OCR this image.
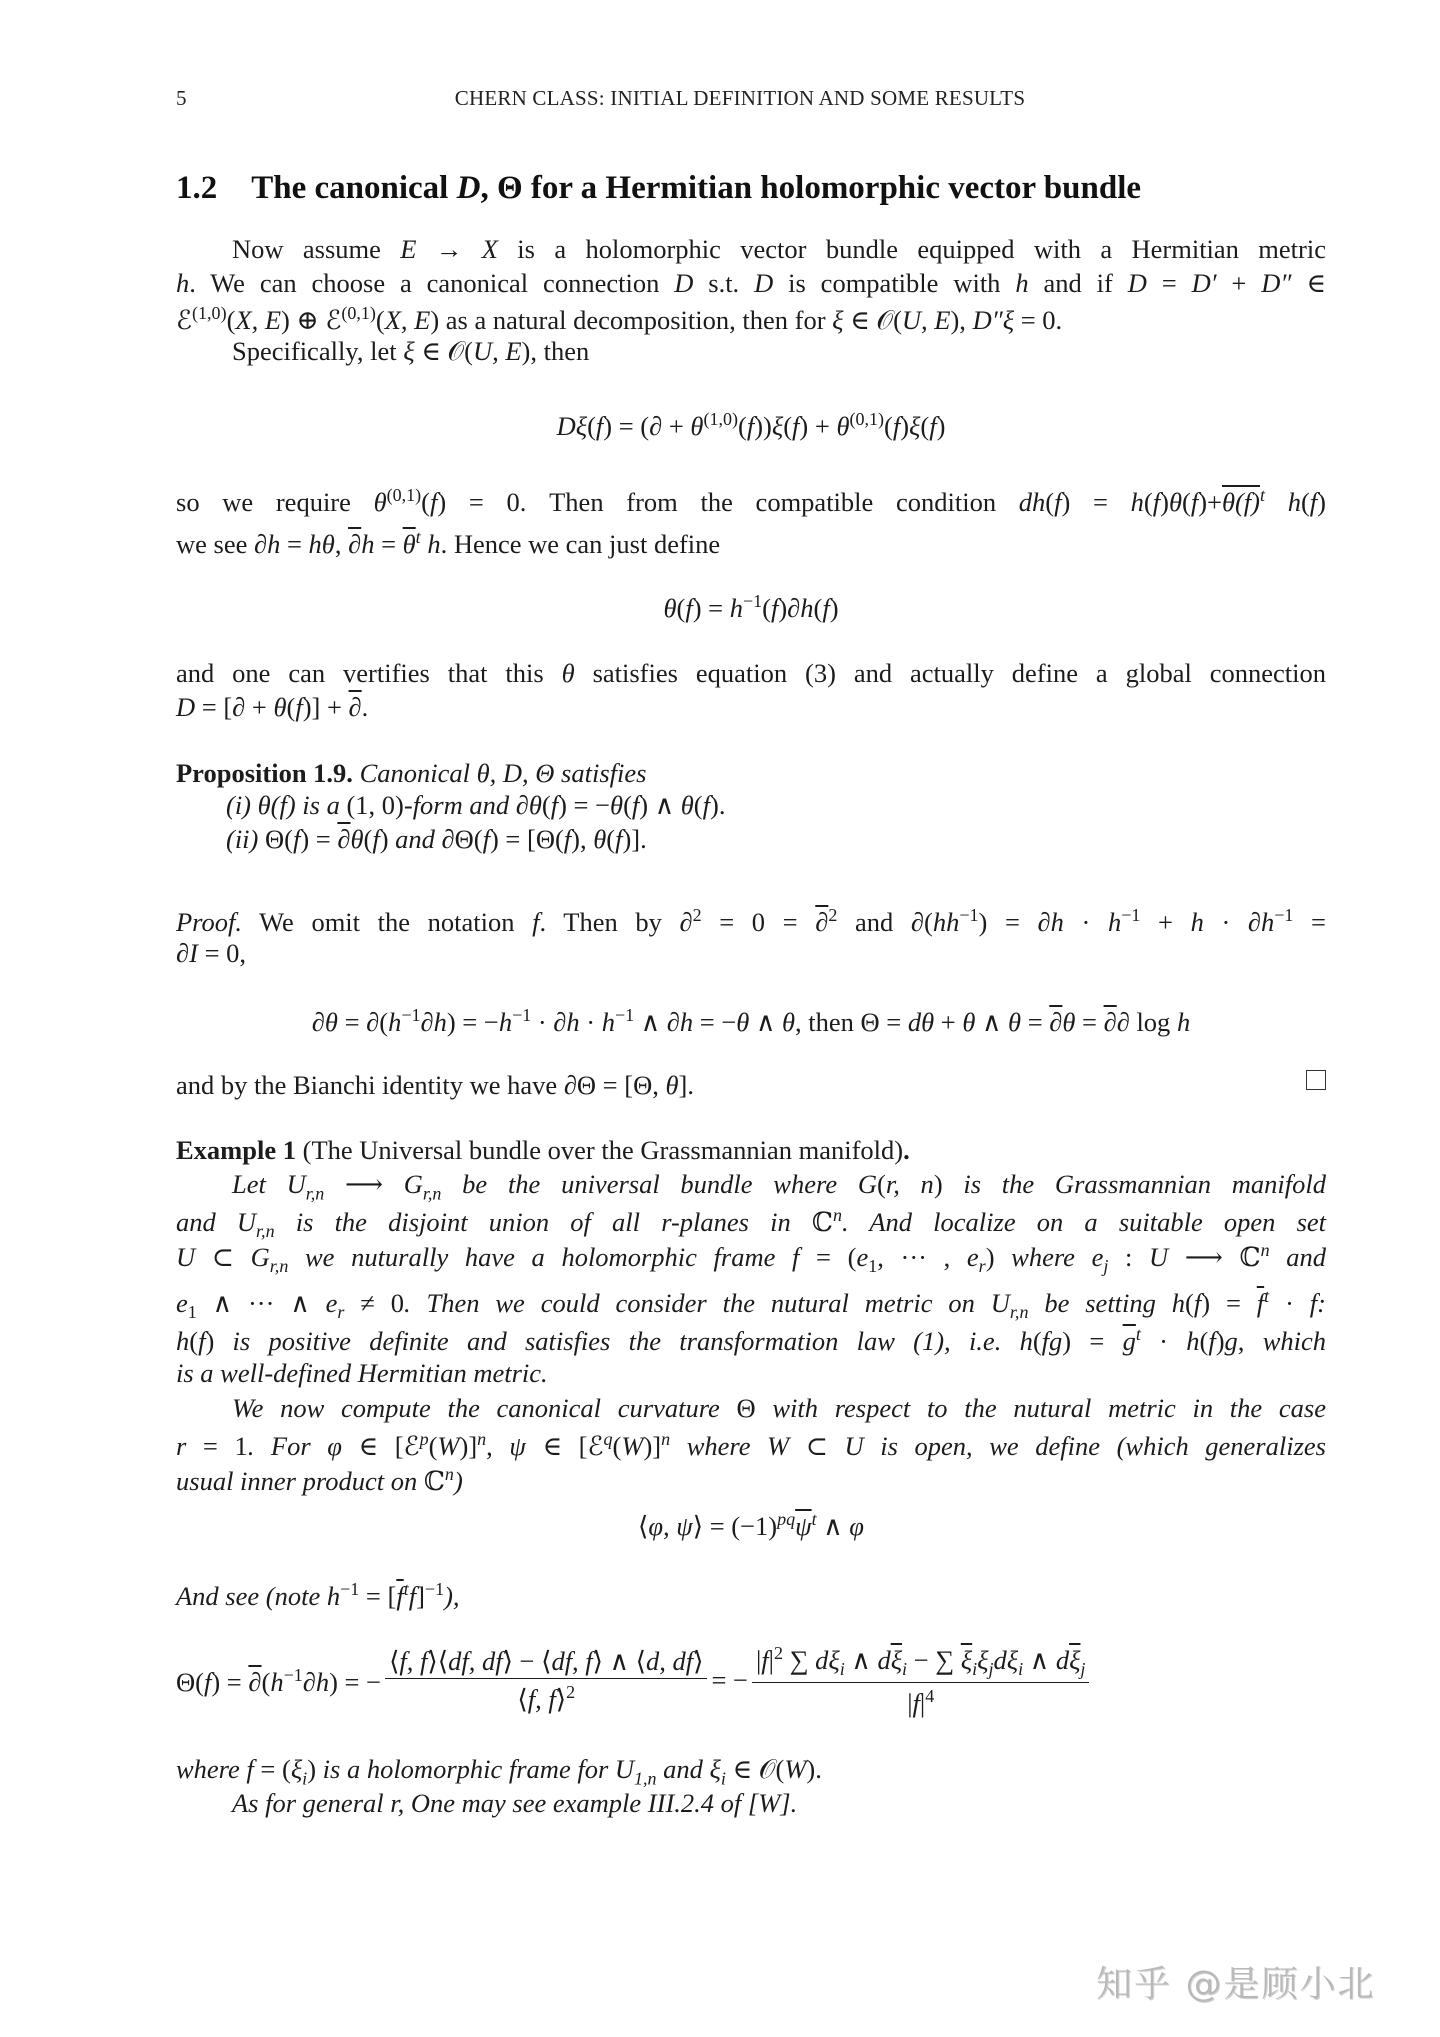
5	CHERN CLASS: INITIAL DEFINITION AND SOME RESULTS
1.2 The canonical D, Θ for a Hermitian holomorphic vector bundle
Now assume E → X is a holomorphic vector bundle equipped with a Hermitian metric
h. We can choose a canonical connection D s.t. D is compatible with h and if D = D′ + D″ ∈
ℰ$^{(1,0)}$(X, E) ⊕ ℰ$^{(0,1)}$(X, E) as a natural decomposition, then for ξ ∈ 𝒪(U, E), D″ξ = 0.
Specifically, let ξ ∈ 𝒪(U, E), then
Dξ(f) = (∂ + $\theta^{(1,0)}(f))\xi(f) + \theta^{(0,1)}(f)\xi(f)$
so we require $\theta^{(0,1)}(f) = 0$. Then from the compatible condition $dh(f) = h(f)\theta(f)+\theta(f)^t$ h(f)
we see ∂h = hθ, $\partial h = \overline{\theta}^t$ h. Hence we can just define
$\theta(f) = h^{-1}(f)\partial h(f)$
and one can vertifies that this θ satisfies equation (3) and actually define a global connection
D = [∂ + θ(f)] + ∂.
Proposition 1.9. Canonical θ, D, Θ satisfies
(i) θ(f) is a (1, 0)-form and ∂θ(f) = −θ(f) ∧ θ(f).
(ii) Θ(f) = ∂θ(f) and ∂Θ(f) = [Θ(f), θ(f)].
Proof. We omit the notation f. Then by ∂$^2$ = 0 = ∂$^2$ and $\partial(hh^{-1}) = \partial h \cdot h^{-1} + h \cdot \partial h^{-1}$ =
∂I = 0,
$\partial\theta = \partial(h^{-1}\partial h) = -h^{-1} \cdot \partial h \cdot h^{-1}$ ∧ ∂h = −θ ∧ θ, then Θ = dθ + θ ∧ θ = ∂θ = ∂∂ log h
and by the Bianchi identity we have ∂Θ = [Θ, θ].
Example 1 (The Universal bundle over the Grassmannian manifold).
Let $U_{r,n}$ ⟶ $G_{r,n}$ be the universal bundle where G(r, n) is the Grassmannian manifold
and $U_{r,n}$ is the disjoint union of all r-planes in ℂ$^n$. And localize on a suitable open set
U ⊂ $G_{r,n}$ we nuturally have a holomorphic frame $f = (e_1$, ··· , $e_r$) where $e_j$ : U ⟶ ℂ$^n$ and
$e_1$ ∧ ··· ∧ $e_r \ne 0$. Then we could consider the nutural metric on $U_{r,n}$ be setting $h(f) = \overline{f}^t \cdot f$:
h(f) is positive definite and satisfies the transformation law (1), i.e. $h(fg) = \overline{g}^t \cdot h(f)g$, which
is a well-defined Hermitian metric.
We now compute the canonical curvature Θ with respect to the nutural metric in the case
r = 1. For φ ∈ [ℰ$^p$(W)]$^n$, ψ ∈ [ℰ$^q$(W)]$^n$ where W ⊂ U is open, we define (which generalizes
usual inner product on ℂ$^n$)
⟨φ, ψ⟩ = $(-1)^{pq}\overline{\psi}^t$ ∧ φ
And see (note $h^{-1} = [\overline{f}^tf]^{-1}$),
$\Theta(f) = \partial(h^{-1}\partial h)$ = − $\frac{⟨f, f⟩⟨df, df⟩ - ⟨df, f⟩ \wedge ⟨d, df⟩}{⟨f, f⟩^2}$ = − $\frac{|f|^2 \sum d\xi_i \wedge d\overline{\xi}_i - \sum \overline{\xi}_i\xi_jd\xi_i \wedge d\overline{\xi}_j}{|f|^4}$
where $f = (\xi_i)$ is a holomorphic frame for $U_{1,n}$ and $\xi_i$ ∈ 𝒪(W).
As for general r, One may see example III.2.4 of [W].
知乎 @是顾小北
